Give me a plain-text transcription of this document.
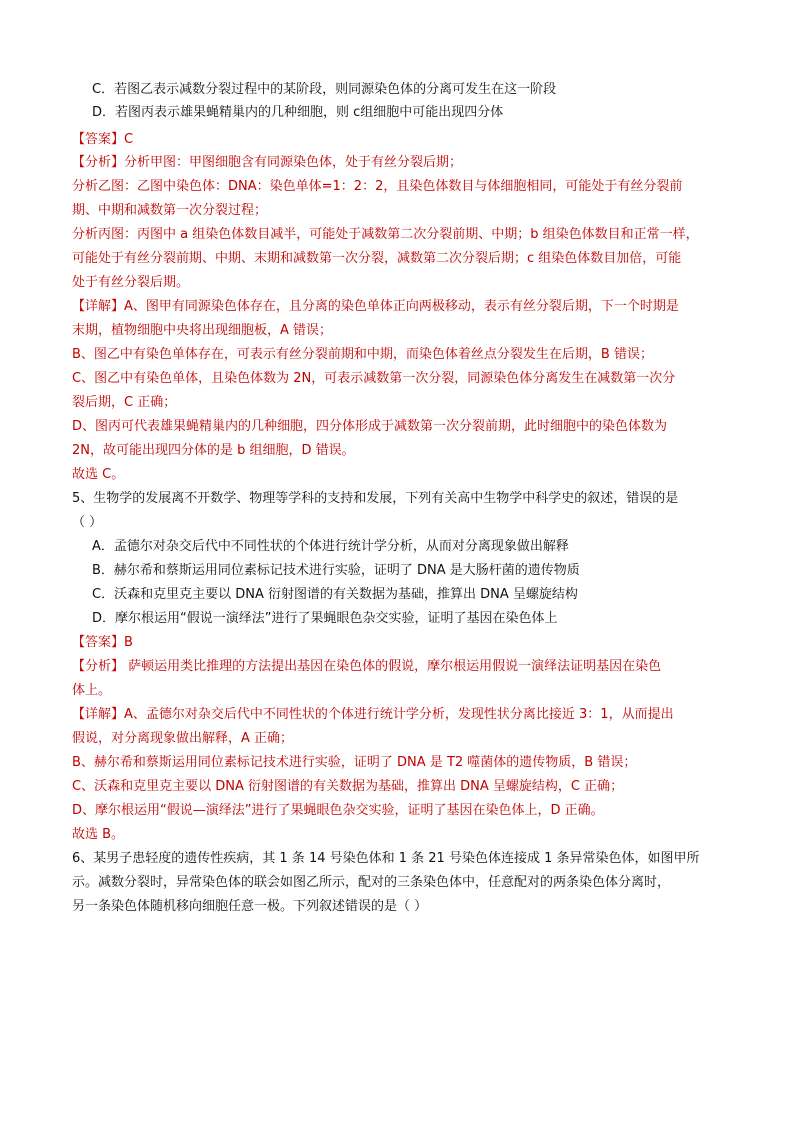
C．若图乙表示减数分裂过程中的某阶段，则同源染色体的分离可发生在这一阶段
D．若图丙表示雄果蝇精巢内的几种细胞，则 c组细胞中可能出现四分体
【答案】C
【分析】分析甲图：甲图细胞含有同源染色体，处于有丝分裂后期；
分析乙图：乙图中染色体：DNA：染色单体=1：2：2，且染色体数目与体细胞相同，可能处于有丝分裂前
期、中期和减数第一次分裂过程；
分析丙图：丙图中 a 组染色体数目减半，可能处于减数第二次分裂前期、中期；b 组染色体数目和正常一样，
可能处于有丝分裂前期、中期、末期和减数第一次分裂，减数第二次分裂后期；c 组染色体数目加倍，可能
处于有丝分裂后期。
【详解】A、图甲有同源染色体存在，且分离的染色单体正向两极移动，表示有丝分裂后期，下一个时期是
末期，植物细胞中央将出现细胞板，A 错误；
B、图乙中有染色单体存在，可表示有丝分裂前期和中期，而染色体着丝点分裂发生在后期，B 错误；
C、图乙中有染色单体，且染色体数为 2N，可表示减数第一次分裂，同源染色体分离发生在减数第一次分
裂后期，C 正确；
D、图丙可代表雄果蝇精巢内的几种细胞，四分体形成于减数第一次分裂前期，此时细胞中的染色体数为
2N，故可能出现四分体的是 b 组细胞，D 错误。
故选 C。
5、生物学的发展离不开数学、物理等学科的支持和发展，下列有关高中生物学中科学史的叙述，错误的是
（ ）
A．孟德尔对杂交后代中不同性状的个体进行统计学分析，从而对分离现象做出解释
B．赫尔希和蔡斯运用同位素标记技术进行实验，证明了 DNA 是大肠杆菌的遗传物质
C．沃森和克里克主要以 DNA 衍射图谱的有关数据为基础，推算出 DNA 呈螺旋结构
D．摩尔根运用“假说一演绎法”进行了果蝇眼色杂交实验，证明了基因在染色体上
【答案】B
【分析】 萨顿运用类比推理的方法提出基因在染色体的假说，摩尔根运用假说一演绎法证明基因在染色
体上。
【详解】A、孟德尔对杂交后代中不同性状的个体进行统计学分析，发现性状分离比接近 3：1，从而提出
假说，对分离现象做出解释，A 正确；
B、赫尔希和蔡斯运用同位素标记技术进行实验，证明了 DNA 是 T2 噬菌体的遗传物质，B 错误；
C、沃森和克里克主要以 DNA 衍射图谱的有关数据为基础，推算出 DNA 呈螺旋结构，C 正确；
D、摩尔根运用“假说—演绎法”进行了果蝇眼色杂交实验，证明了基因在染色体上，D 正确。
故选 B。
6、某男子患轻度的遗传性疾病，其 1 条 14 号染色体和 1 条 21 号染色体连接成 1 条异常染色体，如图甲所
示。减数分裂时，异常染色体的联会如图乙所示，配对的三条染色体中，任意配对的两条染色体分离时，
另一条染色体随机移向细胞任意一极。下列叙述错误的是（ ）
